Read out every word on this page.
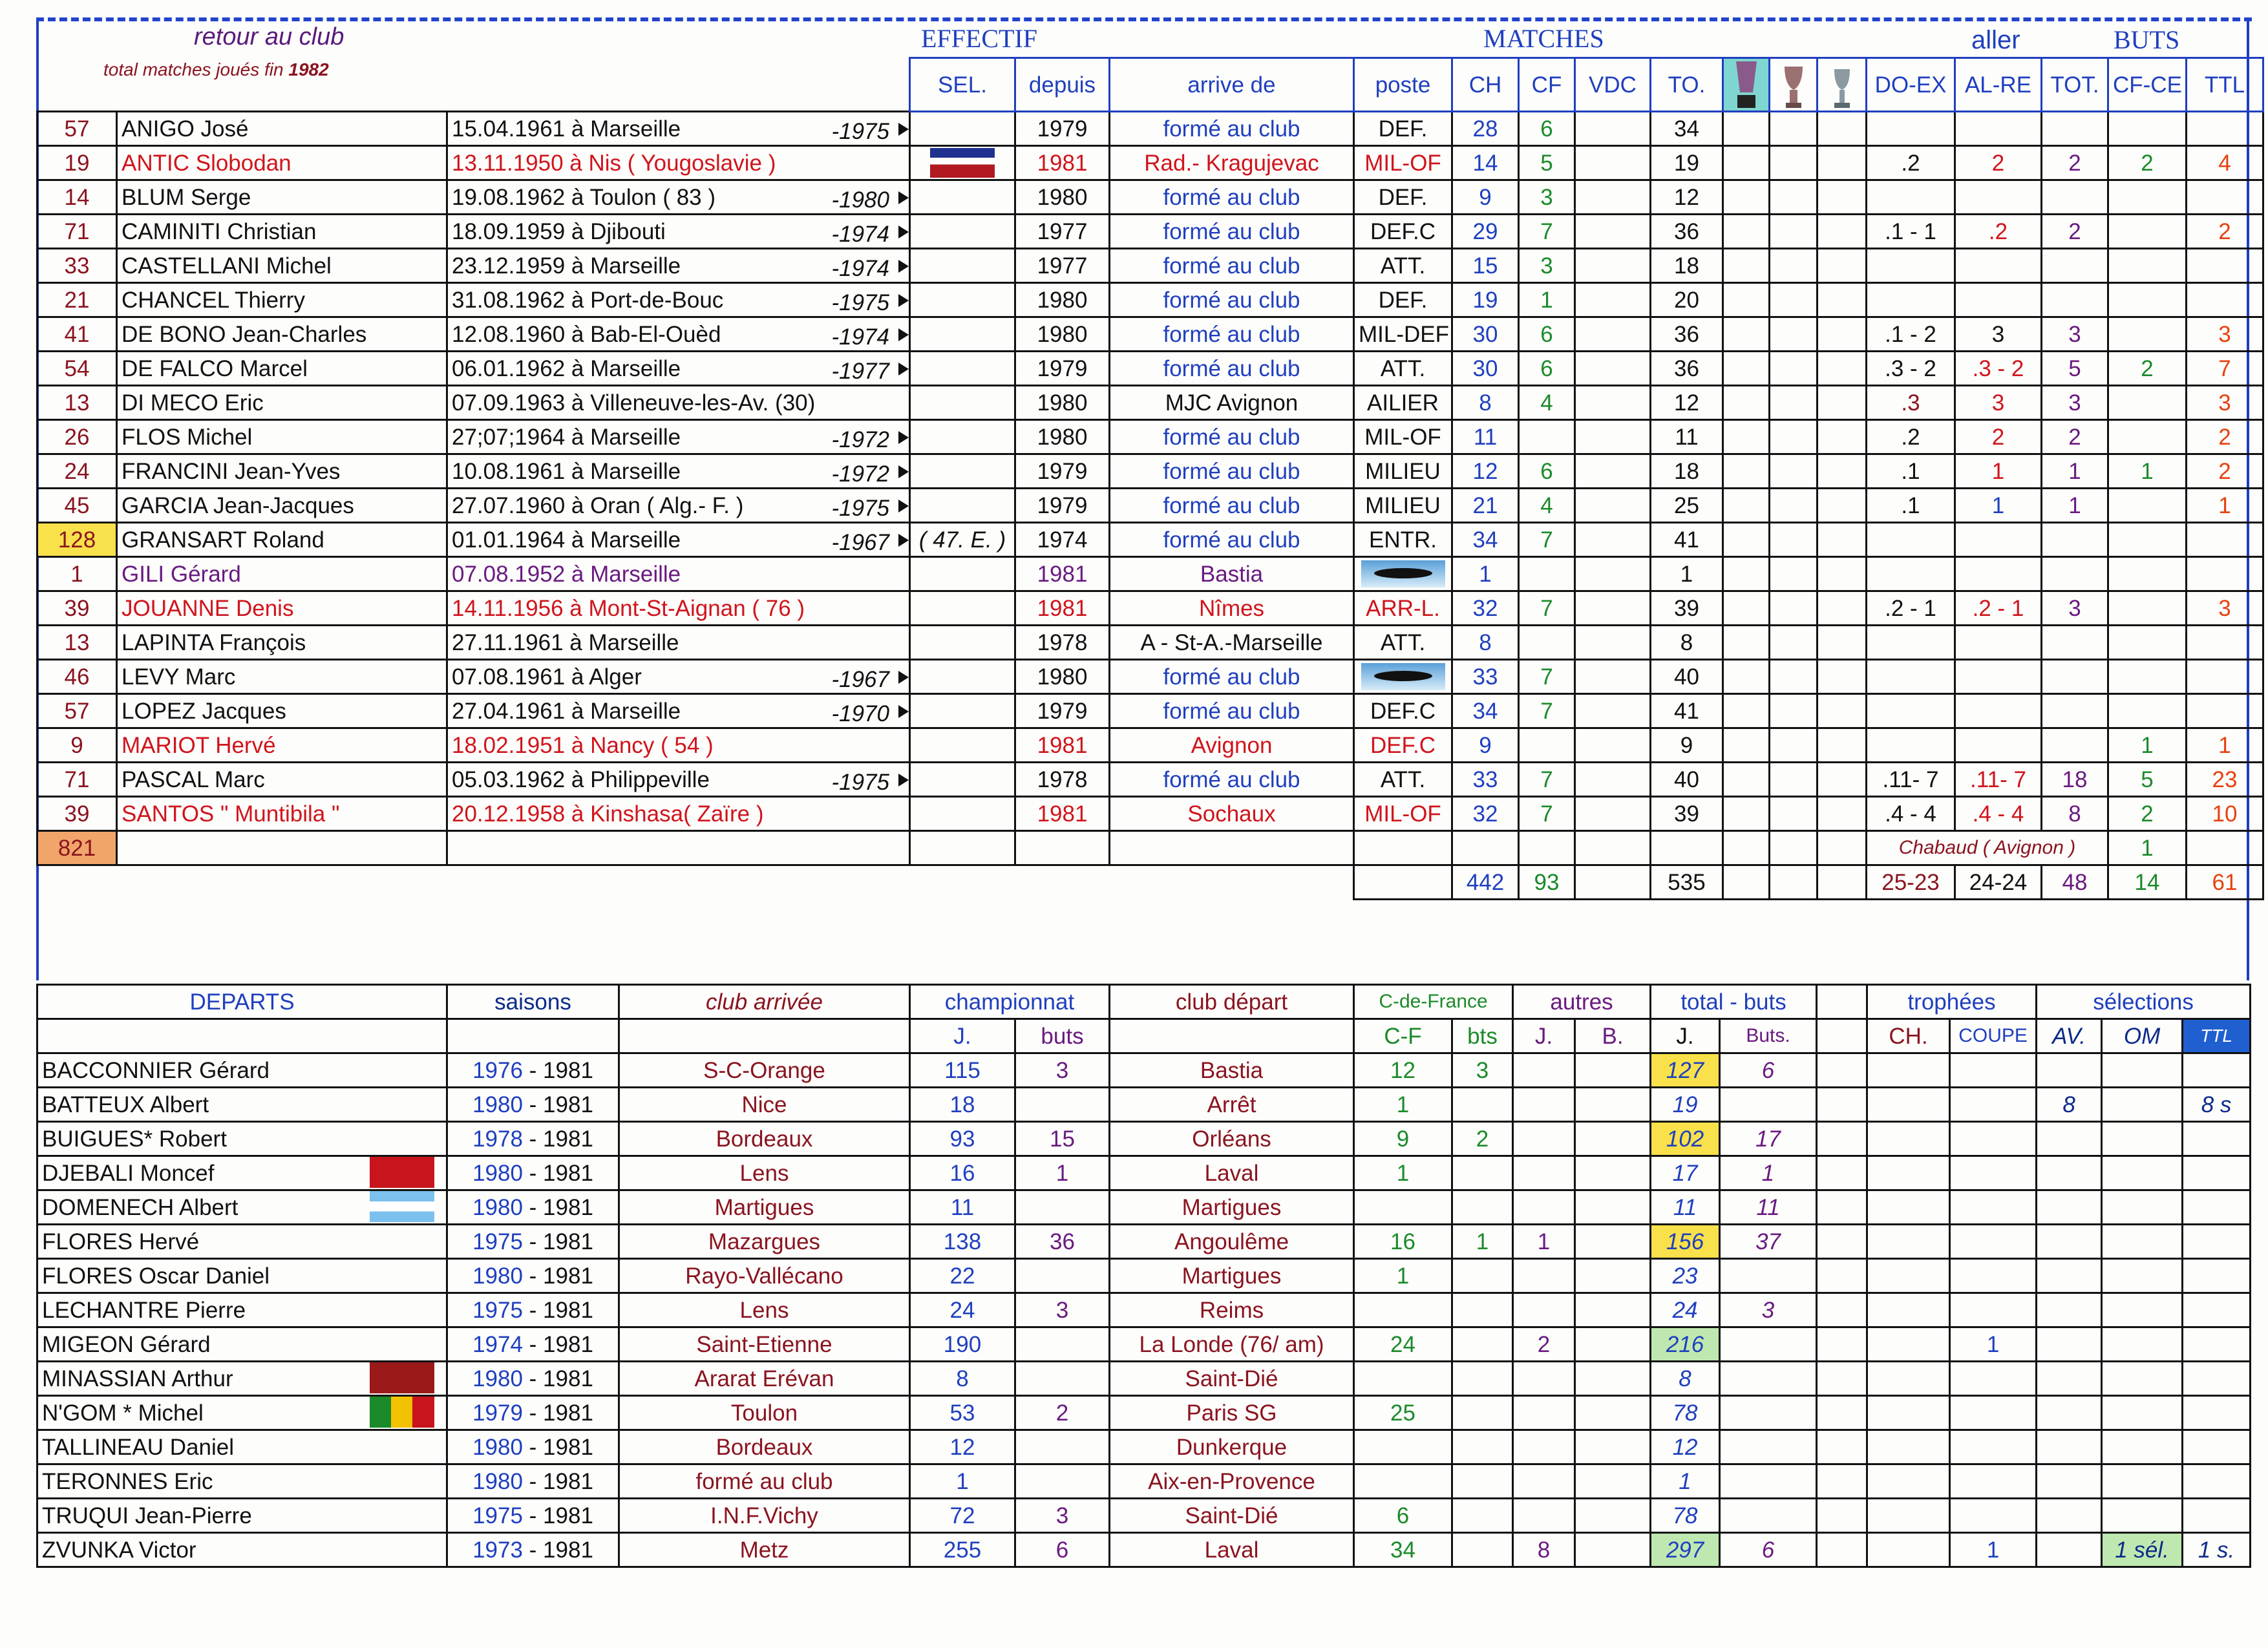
retour au club
total matches joués fin 1982
EFFECTIF	MATCHES	aller	BUTS
			SEL.	depuis	arrive de	poste	CH	CF	VDC	TO.				DO-EX	AL-RE	TOT.	CF-CE	TTL
57	ANIGO José	15.04.1961 à Marseille -1975		1979	formé au club	DEF.	28	6		34								
19	ANTIC Slobodan	13.11.1950 à Nis ( Yougoslavie )		1981	Rad.- Kragujevac	MIL-OF	14	5		19				.2	2	2	2	4
14	BLUM Serge	19.08.1962 à Toulon ( 83 ) -1980		1980	formé au club	DEF.	9	3		12								
71	CAMINITI Christian	18.09.1959 à Djibouti -1974		1977	formé au club	DEF.C	29	7		36				.1 - 1	.2	2		2
33	CASTELLANI Michel	23.12.1959 à Marseille -1974		1977	formé au club	ATT.	15	3		18								
21	CHANCEL Thierry	31.08.1962 à Port-de-Bouc -1975		1980	formé au club	DEF.	19	1		20								
41	DE BONO Jean-Charles	12.08.1960 à Bab-El-Ouèd -1974		1980	formé au club	MIL-DEF	30	6		36				.1 - 2	3	3		3
54	DE FALCO Marcel	06.01.1962 à Marseille -1977		1979	formé au club	ATT.	30	6		36				.3 - 2	.3 - 2	5	2	7
13	DI MECO Eric	07.09.1963 à Villeneuve-les-Av. (30)		1980	MJC Avignon	AILIER	8	4		12				.3	3	3		3
26	FLOS Michel	27;07;1964 à Marseille -1972		1980	formé au club	MIL-OF	11			11				.2	2	2		2
24	FRANCINI Jean-Yves	10.08.1961 à Marseille -1972		1979	formé au club	MILIEU	12	6		18				.1	1	1	1	2
45	GARCIA Jean-Jacques	27.07.1960 à Oran ( Alg.- F. ) -1975		1979	formé au club	MILIEU	21	4		25				.1	1	1		1
128	GRANSART Roland	01.01.1964 à Marseille -1967	( 47. E. )	1974	formé au club	ENTR.	34	7		41								
1	GILI Gérard	07.08.1952 à Marseille		1981	Bastia		1			1								
39	JOUANNE Denis	14.11.1956 à Mont-St-Aignan ( 76 )		1981	Nîmes	ARR-L.	32	7		39				.2 - 1	.2 - 1	3		3
13	LAPINTA François	27.11.1961 à Marseille		1978	A - St-A.-Marseille	ATT.	8			8								
46	LEVY Marc	07.08.1961 à Alger -1967		1980	formé au club		33	7		40								
57	LOPEZ Jacques	27.04.1961 à Marseille -1970		1979	formé au club	DEF.C	34	7		41								
9	MARIOT Hervé	18.02.1951 à Nancy ( 54 )		1981	Avignon	DEF.C	9			9							1	1
71	PASCAL Marc	05.03.1962 à Philippeville -1975		1978	formé au club	ATT.	33	7		40				.11- 7	.11- 7	18	5	23
39	SANTOS " Muntibila "	20.12.1958 à Kinshasa( Zaïre )		1981	Sochaux	MIL-OF	32	7		39				.4 - 4	.4 - 4	8	2	10
821														Chabaud ( Avignon )			1	
							442	93		535				25-23	24-24	48	14	61
DEPARTS	saisons	club arrivée	championnat		club départ	C-de-France		autres		total - buts			trophées		sélections		
			J.	buts		C-F	bts	J.	B.	J.	Buts.		CH.	COUPE	AV.	OM	TTL
BACCONNIER Gérard	1976 - 1981	S-C-Orange	115	3	Bastia	12	3			127	6						
BATTEUX Albert	1980 - 1981	Nice	18		Arrêt	1				19					8		8 s
BUIGUES* Robert	1978 - 1981	Bordeaux	93	15	Orléans	9	2			102	17						
DJEBALI Moncef	1980 - 1981	Lens	16	1	Laval	1				17	1						
DOMENECH Albert	1980 - 1981	Martigues	11		Martigues					11	11						
FLORES Hervé	1975 - 1981	Mazargues	138	36	Angoulême	16	1	1		156	37						
FLORES Oscar Daniel	1980 - 1981	Rayo-Vallécano	22		Martigues	1				23							
LECHANTRE Pierre	1975 - 1981	Lens	24	3	Reims					24	3						
MIGEON Gérard	1974 - 1981	Saint-Etienne	190		La Londe (76/ am)	24		2		216				1			
MINASSIAN Arthur	1980 - 1981	Ararat Erévan	8		Saint-Dié					8							
N'GOM * Michel	1979 - 1981	Toulon	53	2	Paris SG	25				78							
TALLINEAU Daniel	1980 - 1981	Bordeaux	12		Dunkerque					12							
TERONNES Eric	1980 - 1981	formé au club	1		Aix-en-Provence					1							
TRUQUI Jean-Pierre	1975 - 1981	I.N.F.Vichy	72	3	Saint-Dié	6				78							
ZVUNKA Victor	1973 - 1981	Metz	255	6	Laval	34		8		297	6			1		1 sél.	1 s.
